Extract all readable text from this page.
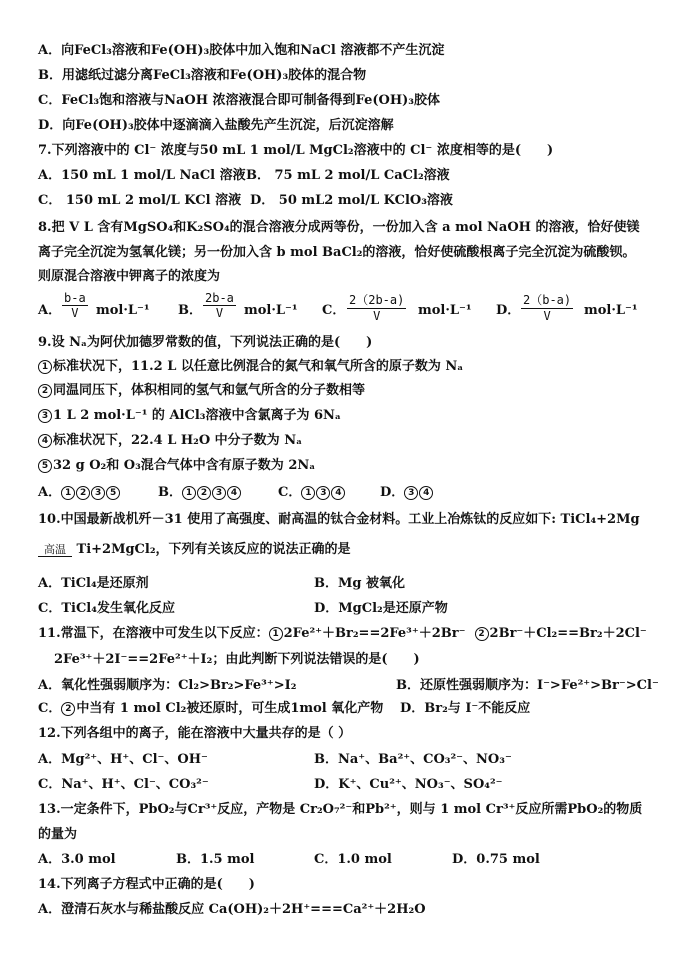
A．向FeCl₃溶液和Fe(OH)₃胶体中加入饱和NaCl 溶液都不产生沉淀
B．用滤纸过滤分离FeCl₃溶液和Fe(OH)₃胶体的混合物
C．FeCl₃饱和溶液与NaOH 浓溶液混合即可制备得到Fe(OH)₃胶体
D．向Fe(OH)₃胶体中逐滴滴入盐酸先产生沉淀，后沉淀溶解
7.下列溶液中的 Cl⁻ 浓度与50 mL 1 mol/L MgCl₂溶液中的 Cl⁻ 浓度相等的是(　　)
A．150 mL 1 mol/L NaCl 溶液 B． 75 mL 2 mol/L CaCl₂溶液
C． 150 mL 2 mol/L KCl 溶液 D． 50 mL2 mol/L KClO₃溶液
8.把 V L 含有MgSO₄和K₂SO₄的混合溶液分成两等份，一份加入含 a mol NaOH 的溶液，恰好使镁
离子完全沉淀为氢氧化镁；另一份加入含 b mol BaCl₂的溶液，恰好使硫酸根离子完全沉淀为硫酸钡。
则原混合溶液中钾离子的浓度为
A． $\frac{b-a}{V} mol\cdot L^{-1}$ B． $\frac{2b-a}{V} mol\cdot L^{-1}$ C． $\frac{2(2b-a)}{V} mol\cdot L^{-1}$ D． $\frac{2(b-a)}{V} mol\cdot L^{-1}$
9.设 Nₐ为阿伏加德罗常数的值，下列说法正确的是(　　)
1 标准状况下，11.2 L 以任意比例混合的氮气和氧气所含的原子数为 Nₐ
2 同温同压下，体积相同的氢气和氩气所含的分子数相等
3 1 L 2 mol·L⁻¹ 的 AlCl₃溶液中含氯离子为 6Nₐ
4 标准状况下，22.4 L H₂O 中分子数为 Nₐ
5 32 g O₂和 O₃混合气体中含有原子数为 2Nₐ
A． 1 2 3 5	B． 1 2 3 4	C． 1 3 4	D． 3 4
10.中国最新战机歼－31 使用了高强度、耐高温的钛合金材料。工业上冶炼钛的反应如下: TiCl₄+2Mg
高温 Ti+2MgCl₂，下列有关该反应的说法正确的是
A．TiCl₄是还原剂	B．Mg 被氧化
C．TiCl₄发生氧化反应	D．MgCl₂是还原产物
11.常温下，在溶液中可发生以下反应： 1 2Fe²⁺＋Br₂==2Fe³⁺＋2Br⁻ 2 2Br⁻＋Cl₂==Br₂＋2Cl⁻
2Fe³⁺＋2I⁻==2Fe²⁺＋I₂；由此判断下列说法错误的是(　　)
A．氧化性强弱顺序为：Cl₂>Br₂>Fe³⁺>I₂	B．还原性强弱顺序为：I⁻>Fe²⁺>Br⁻>Cl⁻
C． 2 中当有 1 mol Cl₂被还原时，可生成1mol 氧化产物 D．Br₂与 I⁻不能反应
12.下列各组中的离子，能在溶液中大量共存的是（ ）
A．Mg²⁺、H⁺、Cl⁻、OH⁻	B．Na⁺、Ba²⁺、CO₃²⁻、NO₃⁻
C．Na⁺、H⁺、Cl⁻、CO₃²⁻	D．K⁺、Cu²⁺、NO₃⁻、SO₄²⁻
13.一定条件下，PbO₂与Cr³⁺反应，产物是 Cr₂O₇²⁻和Pb²⁺，则与 1 mol Cr³⁺反应所需PbO₂的物质
的量为
A．3.0 mol	B．1.5 mol	C．1.0 mol	D．0.75 mol
14.下列离子方程式中正确的是(　　)
A．澄清石灰水与稀盐酸反应 Ca(OH)₂＋2H⁺===Ca²⁺＋2H₂O
